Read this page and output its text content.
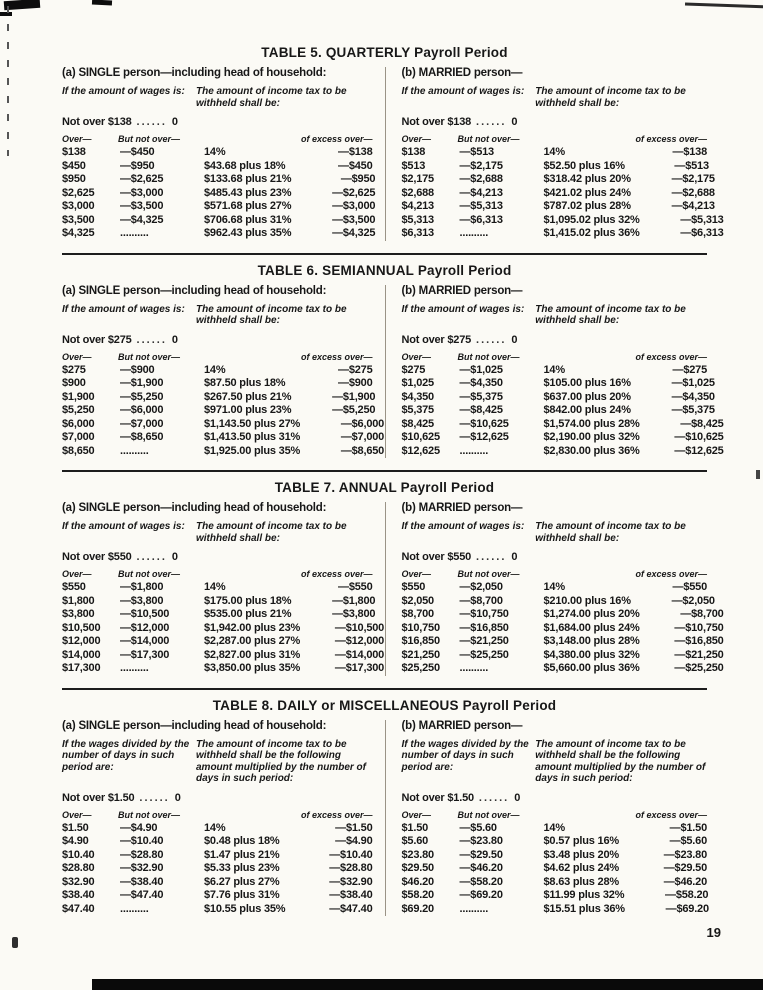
TABLE 5. QUARTERLY Payroll Period
(a) SINGLE person—including head of household:
If the amount of wages is:	The amount of income tax to be withheld shall be:
Not over $138 ...... 0
Over—	But not over—	of excess over—
$138	—$450	14%	—$138
$450	—$950	$43.68 plus 18%	—$450
$950	—$2,625	$133.68 plus 21%	—$950
$2,625	—$3,000	$485.43 plus 23%	—$2,625
$3,000	—$3,500	$571.68 plus 27%	—$3,000
$3,500	—$4,325	$706.68 plus 31%	—$3,500
$4,325	..........	$962.43 plus 35%	—$4,325
(b) MARRIED person—
If the amount of wages is:	The amount of income tax to be withheld shall be:
Not over $138 ...... 0
Over—	But not over—	of excess over—
$138	—$513	14%	—$138
$513	—$2,175	$52.50 plus 16%	—$513
$2,175	—$2,688	$318.42 plus 20%	—$2,175
$2,688	—$4,213	$421.02 plus 24%	—$2,688
$4,213	—$5,313	$787.02 plus 28%	—$4,213
$5,313	—$6,313	$1,095.02 plus 32%	—$5,313
$6,313	..........	$1,415.02 plus 36%	—$6,313
TABLE 6. SEMIANNUAL Payroll Period
(a) SINGLE person—including head of household:
If the amount of wages is:	The amount of income tax to be withheld shall be:
Not over $275 ...... 0
Over—	But not over—	of excess over—
$275	—$900	14%	—$275
$900	—$1,900	$87.50 plus 18%	—$900
$1,900	—$5,250	$267.50 plus 21%	—$1,900
$5,250	—$6,000	$971.00 plus 23%	—$5,250
$6,000	—$7,000	$1,143.50 plus 27%	—$6,000
$7,000	—$8,650	$1,413.50 plus 31%	—$7,000
$8,650	..........	$1,925.00 plus 35%	—$8,650
(b) MARRIED person—
If the amount of wages is:	The amount of income tax to be withheld shall be:
Not over $275 ...... 0
Over—	But not over—	of excess over—
$275	—$1,025	14%	—$275
$1,025	—$4,350	$105.00 plus 16%	—$1,025
$4,350	—$5,375	$637.00 plus 20%	—$4,350
$5,375	—$8,425	$842.00 plus 24%	—$5,375
$8,425	—$10,625	$1,574.00 plus 28%	—$8,425
$10,625	—$12,625	$2,190.00 plus 32%	—$10,625
$12,625	..........	$2,830.00 plus 36%	—$12,625
TABLE 7. ANNUAL Payroll Period
(a) SINGLE person—including head of household:
If the amount of wages is:	The amount of income tax to be withheld shall be:
Not over $550 ...... 0
Over—	But not over—	of excess over—
$550	—$1,800	14%	—$550
$1,800	—$3,800	$175.00 plus 18%	—$1,800
$3,800	—$10,500	$535.00 plus 21%	—$3,800
$10,500	—$12,000	$1,942.00 plus 23%	—$10,500
$12,000	—$14,000	$2,287.00 plus 27%	—$12,000
$14,000	—$17,300	$2,827.00 plus 31%	—$14,000
$17,300	..........	$3,850.00 plus 35%	—$17,300
(b) MARRIED person—
If the amount of wages is:	The amount of income tax to be withheld shall be:
Not over $550 ...... 0
Over—	But not over—	of excess over—
$550	—$2,050	14%	—$550
$2,050	—$8,700	$210.00 plus 16%	—$2,050
$8,700	—$10,750	$1,274.00 plus 20%	—$8,700
$10,750	—$16,850	$1,684.00 plus 24%	—$10,750
$16,850	—$21,250	$3,148.00 plus 28%	—$16,850
$21,250	—$25,250	$4,380.00 plus 32%	—$21,250
$25,250	..........	$5,660.00 plus 36%	—$25,250
TABLE 8. DAILY or MISCELLANEOUS Payroll Period
(a) SINGLE person—including head of household:
If the wages divided by the number of days in such period are:
The amount of income tax to be withheld shall be the following amount multiplied by the number of days in such period:
Not over $1.50 ...... 0
Over—	But not over—	of excess over—
$1.50	—$4.90	14%	—$1.50
$4.90	—$10.40	$0.48 plus 18%	—$4.90
$10.40	—$28.80	$1.47 plus 21%	—$10.40
$28.80	—$32.90	$5.33 plus 23%	—$28.80
$32.90	—$38.40	$6.27 plus 27%	—$32.90
$38.40	—$47.40	$7.76 plus 31%	—$38.40
$47.40	..........	$10.55 plus 35%	—$47.40
(b) MARRIED person—
If the wages divided by the number of days in such period are:
The amount of income tax to be withheld shall be the following amount multiplied by the number of days in such period:
Not over $1.50 ...... 0
Over—	But not over—	of excess over—
$1.50	—$5.60	14%	—$1.50
$5.60	—$23.80	$0.57 plus 16%	—$5.60
$23.80	—$29.50	$3.48 plus 20%	—$23.80
$29.50	—$46.20	$4.62 plus 24%	—$29.50
$46.20	—$58.20	$8.63 plus 28%	—$46.20
$58.20	—$69.20	$11.99 plus 32%	—$58.20
$69.20	..........	$15.51 plus 36%	—$69.20
19
